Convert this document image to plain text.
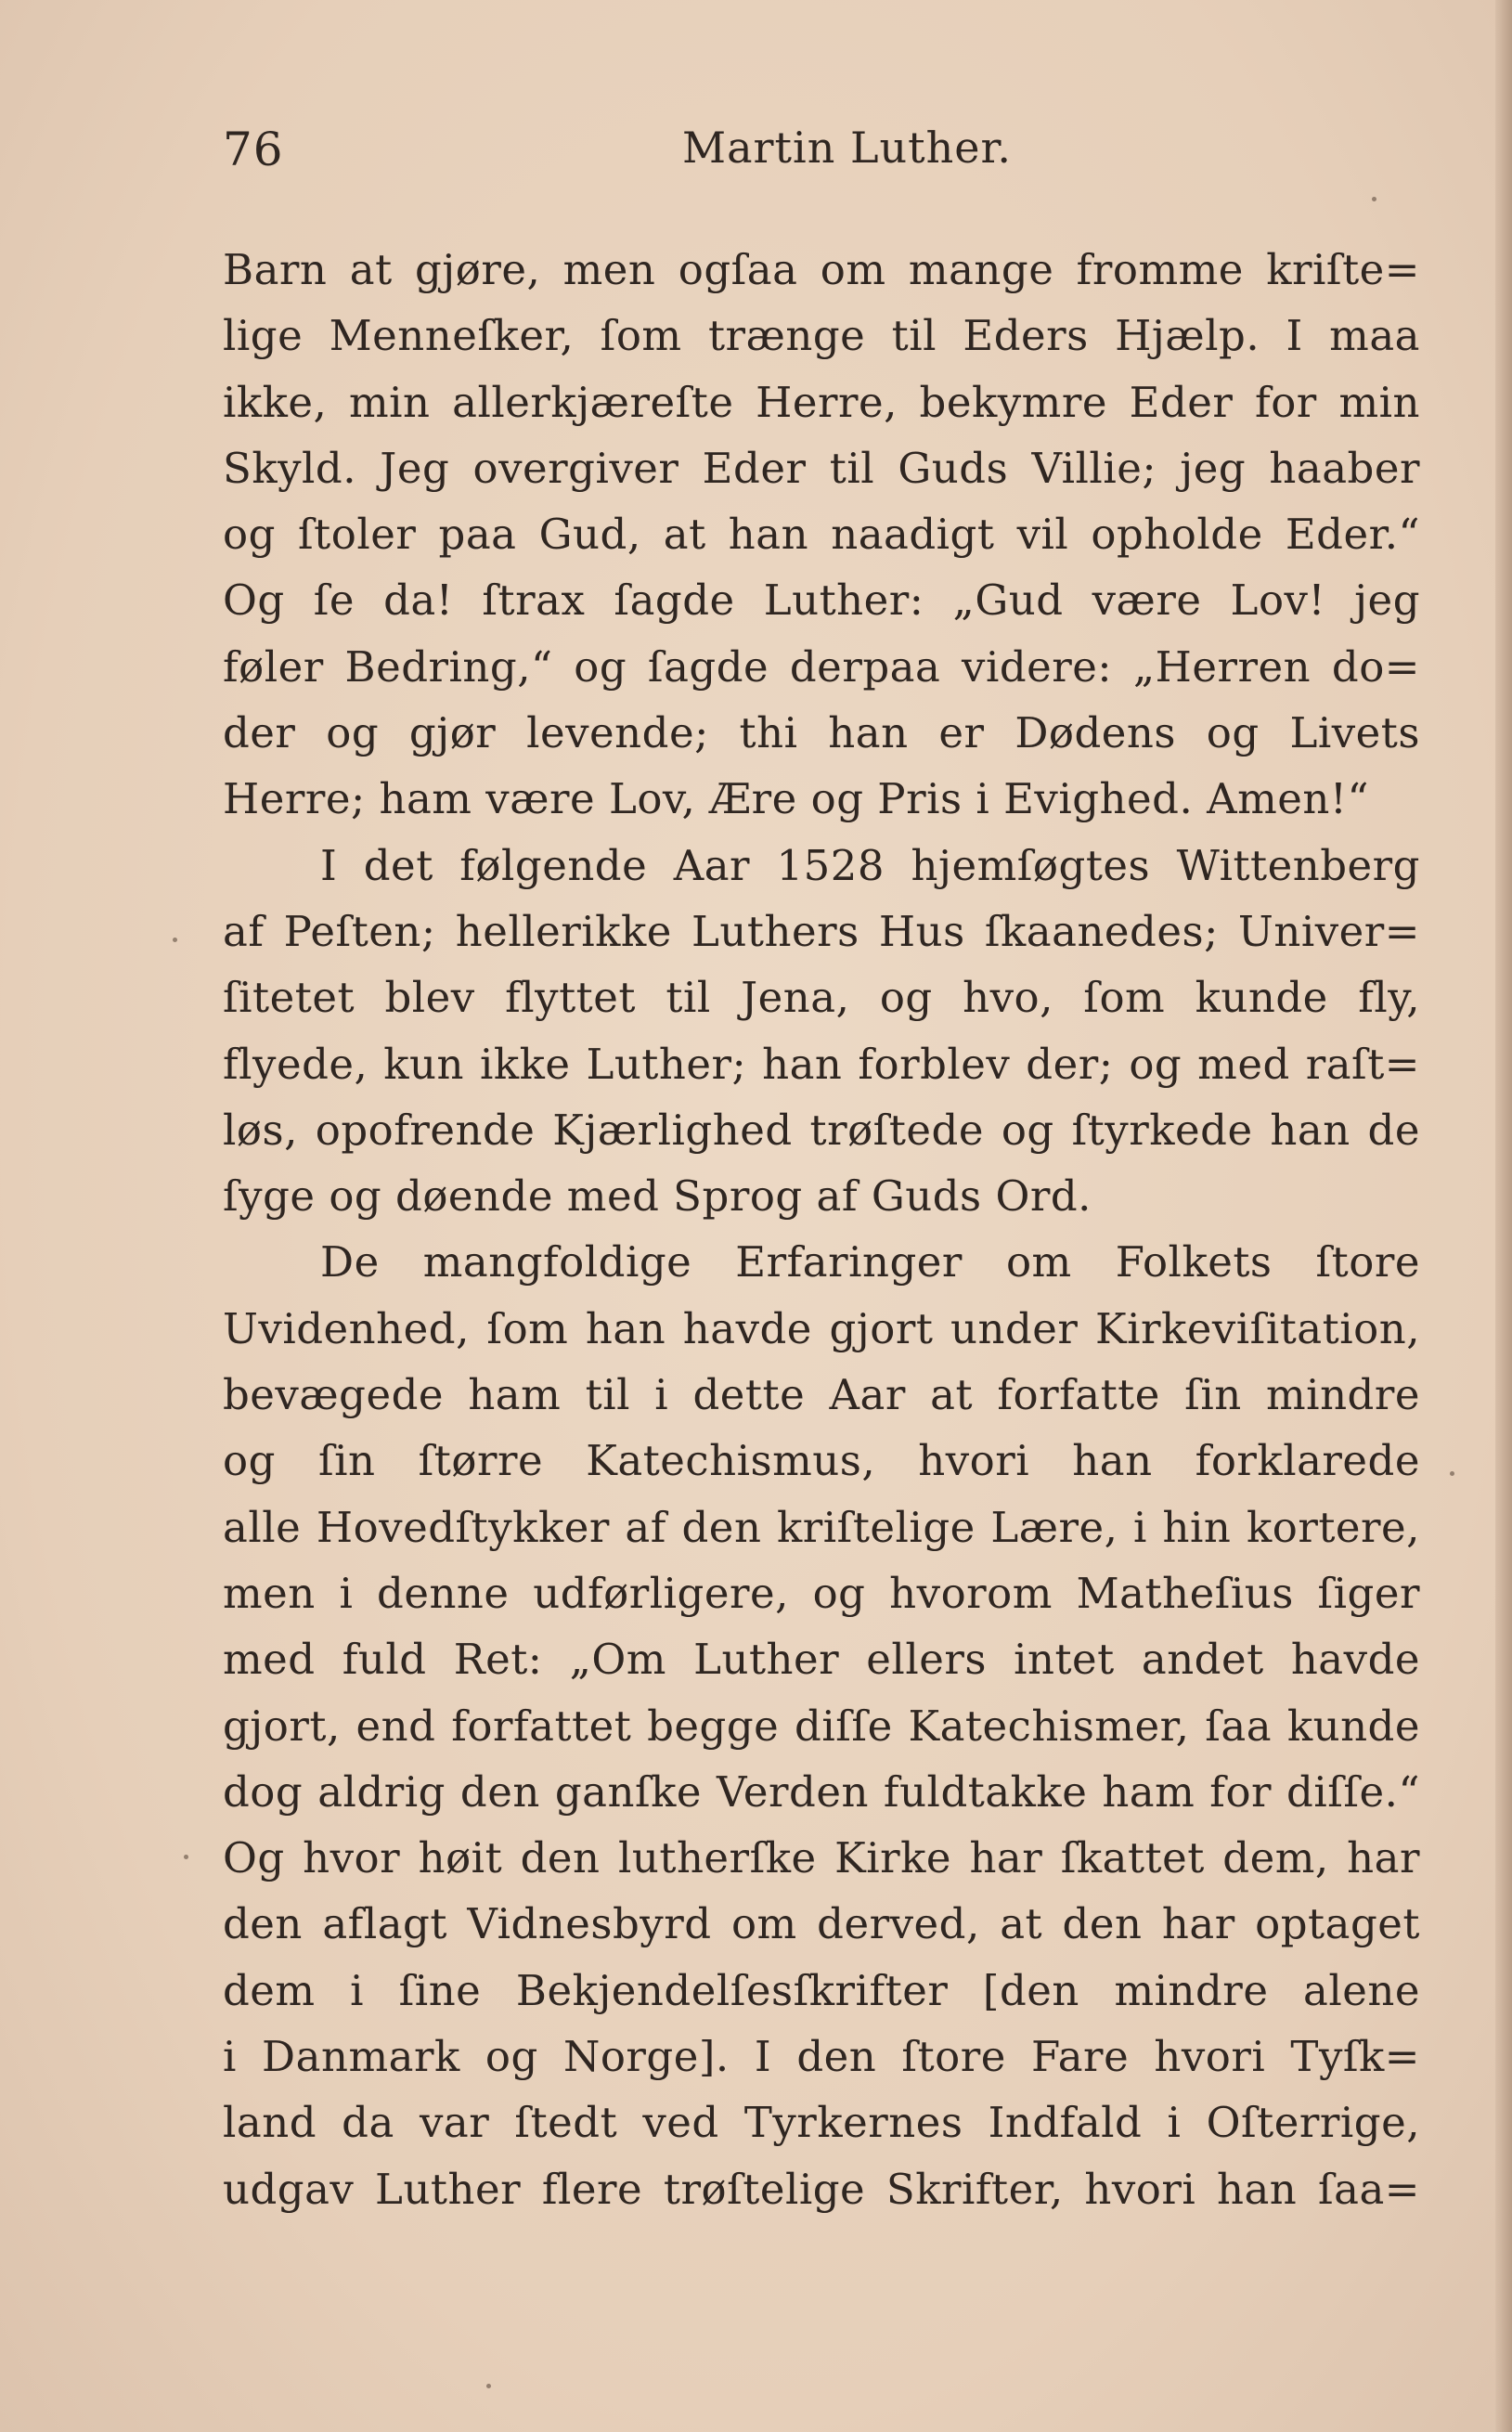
76	Martin Luther.
Barn at gjøre, men ogſaa om mange fromme kriſte=
lige Menneſker, ſom trænge til Eders Hjælp. I maa
ikke, min allerkjæreſte Herre, bekymre Eder for min
Skyld. Jeg overgiver Eder til Guds Villie; jeg haaber
og ſtoler paa Gud, at han naadigt vil opholde Eder.“
Og ſe da! ſtrax ſagde Luther: „Gud være Lov! jeg
føler Bedring,“ og ſagde derpaa videre: „Herren do=
der og gjør levende; thi han er Dødens og Livets
Herre; ham være Lov, Ære og Pris i Evighed. Amen!“
I det følgende Aar 1528 hjemſøgtes Wittenberg
af Peſten; hellerikke Luthers Hus ſkaanedes; Univer=
ſitetet blev flyttet til Jena, og hvo, ſom kunde fly,
flyede, kun ikke Luther; han forblev der; og med raſt=
løs, opofrende Kjærlighed trøſtede og ſtyrkede han de
ſyge og døende med Sprog af Guds Ord.
De mangfoldige Erfaringer om Folkets ſtore
Uvidenhed, ſom han havde gjort under Kirkeviſitation,
bevægede ham til i dette Aar at forfatte ſin mindre
og ſin ſtørre Katechismus, hvori han forklarede
alle Hovedſtykker af den kriſtelige Lære, i hin kortere,
men i denne udførligere, og hvorom Matheſius ſiger
med fuld Ret: „Om Luther ellers intet andet havde
gjort, end forfattet begge diſſe Katechismer, ſaa kunde
dog aldrig den ganſke Verden fuldtakke ham for diſſe.“
Og hvor høit den lutherſke Kirke har ſkattet dem, har
den aflagt Vidnesbyrd om derved, at den har optaget
dem i ſine Bekjendelſesſkrifter [den mindre alene
i Danmark og Norge]. I den ſtore Fare hvori Tyſk=
land da var ſtedt ved Tyrkernes Indfald i Oſterrige,
udgav Luther flere trøſtelige Skrifter, hvori han ſaa=
